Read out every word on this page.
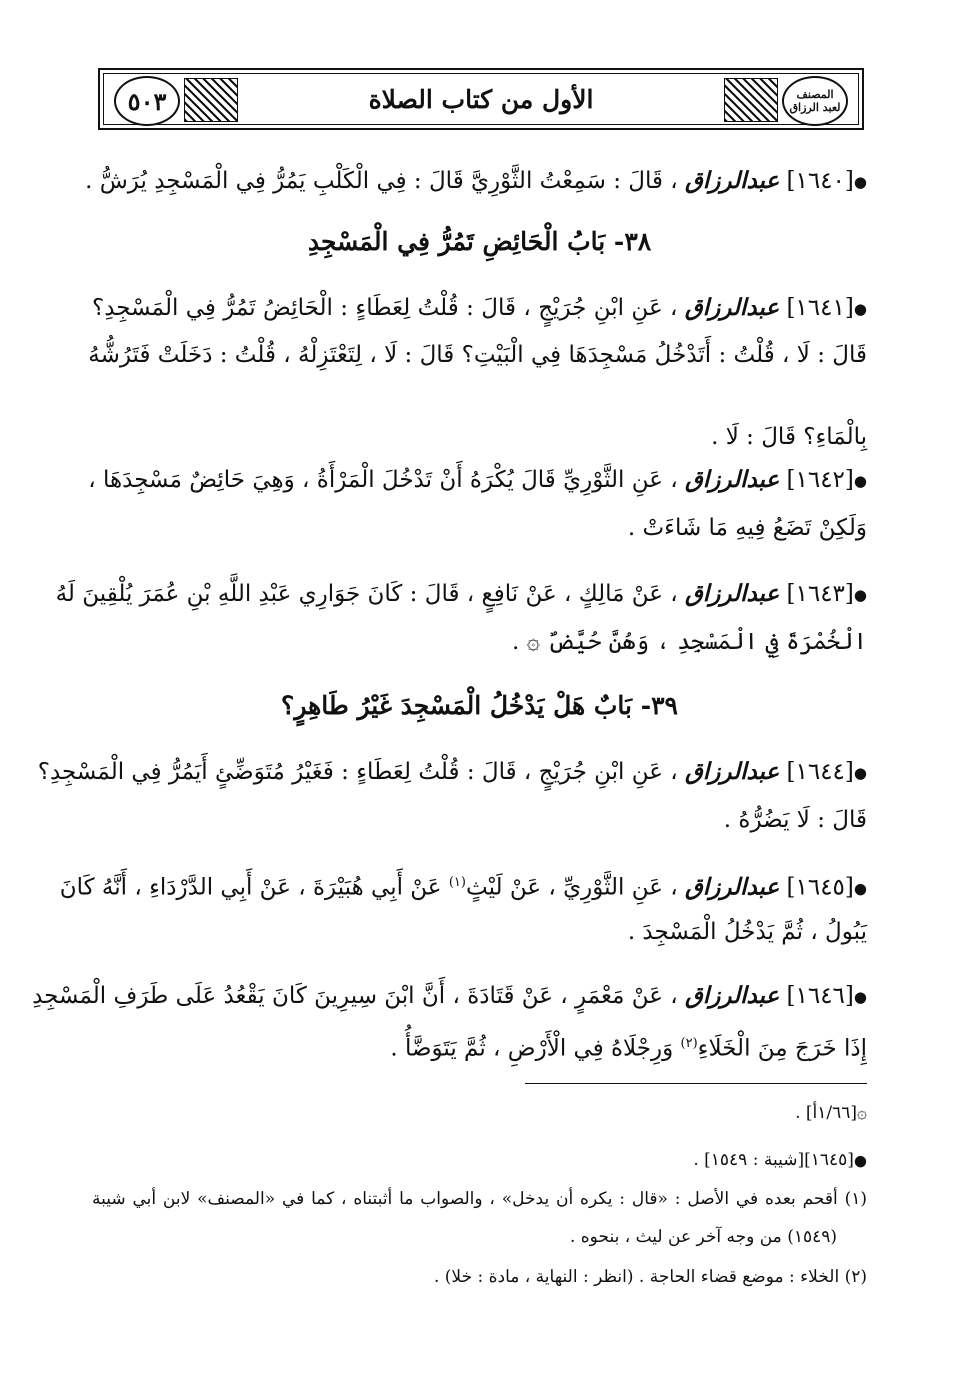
المصنف
لعبد الرزاق
الأول من كتاب الصلاة
٥٠٣
●[١٦٤٠] عبدالرزاق ، قَالَ : سَمِعْتُ الثَّوْرِيَّ قَالَ : فِي الْكَلْبِ يَمُرُّ فِي الْمَسْجِدِ يُرَشُّ .
٣٨- بَابُ الْحَائِضِ تَمُرُّ فِي الْمَسْجِدِ
●[١٦٤١] عبدالرزاق ، عَنِ ابْنِ جُرَيْجٍ ، قَالَ : قُلْتُ لِعَطَاءٍ : الْحَائِضُ تَمُرُّ فِي الْمَسْجِدِ؟
قَالَ : لَا ، قُلْتُ : أَتَدْخُلُ مَسْجِدَهَا فِي الْبَيْتِ؟ قَالَ : لَا ، لِتَعْتَزِلْهُ ، قُلْتُ : دَخَلَتْ فَتَرُشُّهُ
بِالْمَاءِ؟ قَالَ : لَا .
●[١٦٤٢] عبدالرزاق ، عَنِ الثَّوْرِيِّ قَالَ يُكْرَهُ أَنْ تَدْخُلَ الْمَرْأَةُ ، وَهِيَ حَائِضٌ مَسْجِدَهَا ،
وَلَكِنْ تَضَعُ فِيهِ مَا شَاءَتْ .
●[١٦٤٣] عبدالرزاق ، عَنْ مَالِكٍ ، عَنْ نَافِعٍ ، قَالَ : كَانَ جَوَارِي عَبْدِ اللَّهِ بْنِ عُمَرَ يُلْقِينَ لَهُ
الْخُمْرَةَ فِي الْمَسْجِدِ ، وَهُنَّ حُيَّضٌ ۞ .
٣٩- بَابٌ هَلْ يَدْخُلُ الْمَسْجِدَ غَيْرُ طَاهِرٍ؟
●[١٦٤٤] عبدالرزاق ، عَنِ ابْنِ جُرَيْجٍ ، قَالَ : قُلْتُ لِعَطَاءٍ : فَغَيْرُ مُتَوَضِّئٍ أَيَمُرُّ فِي الْمَسْجِدِ؟
قَالَ : لَا يَضُرُّهُ .
●[١٦٤٥] عبدالرزاق ، عَنِ الثَّوْرِيِّ ، عَنْ لَيْثٍ$^{(١)}$ عَنْ أَبِي هُبَيْرَةَ ، عَنْ أَبِي الدَّرْدَاءِ ، أَنَّهُ كَانَ
يَبُولُ ، ثُمَّ يَدْخُلُ الْمَسْجِدَ .
●[١٦٤٦] عبدالرزاق ، عَنْ مَعْمَرٍ ، عَنْ قَتَادَةَ ، أَنَّ ابْنَ سِيرِينَ كَانَ يَقْعُدُ عَلَى طَرَفِ الْمَسْجِدِ
إِذَا خَرَجَ مِنَ الْخَلَاءِ$^{(٢)}$ وَرِجْلَاهُ فِي الْأَرْضِ ، ثُمَّ يَتَوَضَّأُ .
۞[١/٦٦أ] .
●[١٦٤٥][شيبة : ١٥٤٩] .
(١) أقحم بعده في الأصل : «قال : يكره أن يدخل» ، والصواب ما أثبتناه ، كما في «المصنف» لابن أبي شيبة
(١٥٤٩) من وجه آخر عن ليث ، بنحوه .
(٢) الخلاء : موضع قضاء الحاجة . (انظر : النهاية ، مادة : خلا) .
